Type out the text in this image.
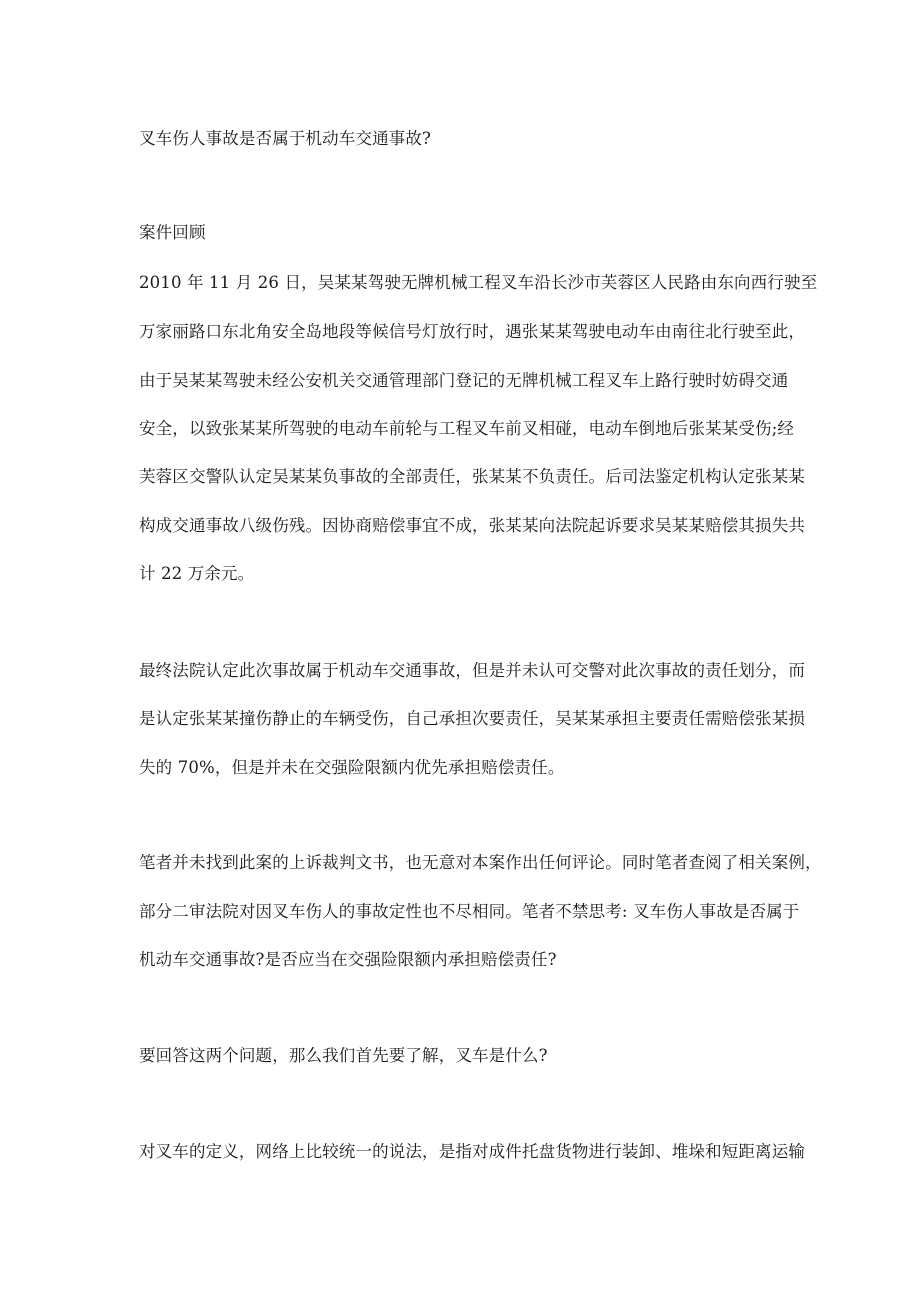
叉车伤人事故是否属于机动车交通事故?
案件回顾
2010 年 11 月 26 日，吴某某驾驶无牌机械工程叉车沿长沙市芙蓉区人民路由东向西行驶至
万家丽路口东北角安全岛地段等候信号灯放行时，遇张某某驾驶电动车由南往北行驶至此，
由于吴某某驾驶未经公安机关交通管理部门登记的无牌机械工程叉车上路行驶时妨碍交通
安全，以致张某某所驾驶的电动车前轮与工程叉车前叉相碰，电动车倒地后张某某受伤;经
芙蓉区交警队认定吴某某负事故的全部责任，张某某不负责任。后司法鉴定机构认定张某某
构成交通事故八级伤残。因协商赔偿事宜不成，张某某向法院起诉要求吴某某赔偿其损失共
计 22 万余元。
最终法院认定此次事故属于机动车交通事故，但是并未认可交警对此次事故的责任划分，而
是认定张某某撞伤静止的车辆受伤，自己承担次要责任，吴某某承担主要责任需赔偿张某损
失的 70%，但是并未在交强险限额内优先承担赔偿责任。
笔者并未找到此案的上诉裁判文书，也无意对本案作出任何评论。同时笔者查阅了相关案例，
部分二审法院对因叉车伤人的事故定性也不尽相同。笔者不禁思考: 叉车伤人事故是否属于
机动车交通事故?是否应当在交强险限额内承担赔偿责任?
要回答这两个问题，那么我们首先要了解，叉车是什么?
对叉车的定义，网络上比较统一的说法，是指对成件托盘货物进行装卸、堆垛和短距离运输
